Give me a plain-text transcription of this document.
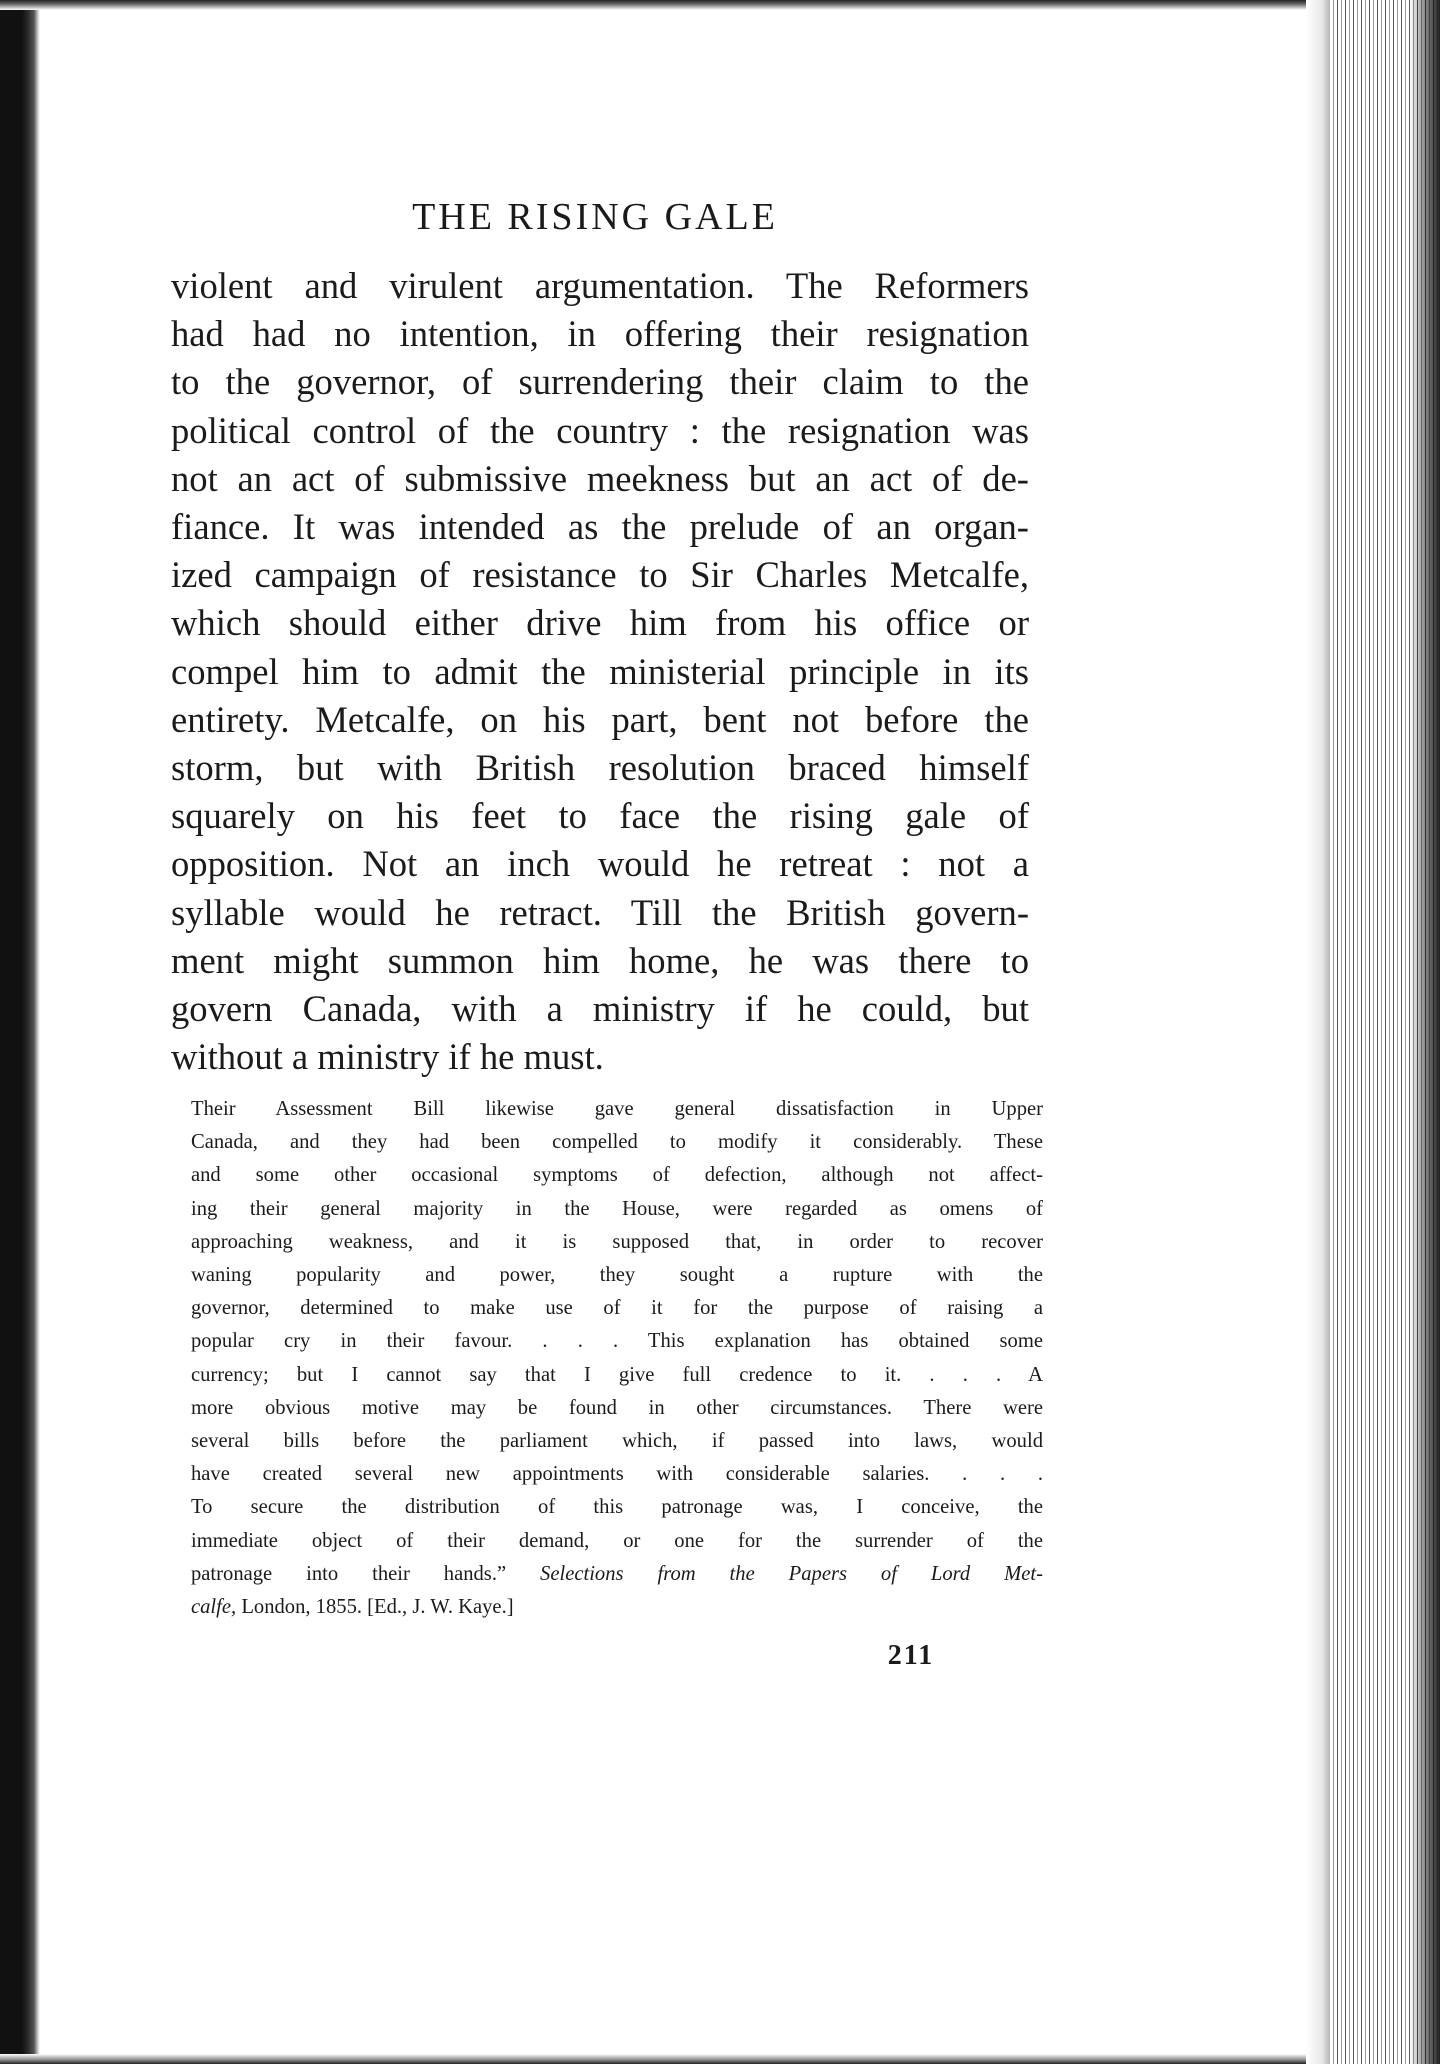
THE RISING GALE
violent and virulent argumentation. The Reformers
had had no intention, in offering their resignation
to the governor, of surrendering their claim to the
political control of the country : the resignation was
not an act of submissive meekness but an act of de-
fiance. It was intended as the prelude of an organ-
ized campaign of resistance to Sir Charles Metcalfe,
which should either drive him from his office or
compel him to admit the ministerial principle in its
entirety. Metcalfe, on his part, bent not before the
storm, but with British resolution braced himself
squarely on his feet to face the rising gale of
opposition. Not an inch would he retreat : not a
syllable would he retract. Till the British govern-
ment might summon him home, he was there to
govern Canada, with a ministry if he could, but
without a ministry if he must.
Their Assessment Bill likewise gave general dissatisfaction in Upper
Canada, and they had been compelled to modify it considerably. These
and some other occasional symptoms of defection, although not affect-
ing their general majority in the House, were regarded as omens of
approaching weakness, and it is supposed that, in order to recover
waning popularity and power, they sought a rupture with the
governor, determined to make use of it for the purpose of raising a
popular cry in their favour. . . . This explanation has obtained some
currency; but I cannot say that I give full credence to it. . . . A
more obvious motive may be found in other circumstances. There were
several bills before the parliament which, if passed into laws, would
have created several new appointments with considerable salaries. . . .
To secure the distribution of this patronage was, I conceive, the
immediate object of their demand, or one for the surrender of the
patronage into their hands.” Selections from the Papers of Lord Met-
calfe, London, 1855. [Ed., J. W. Kaye.]
211
